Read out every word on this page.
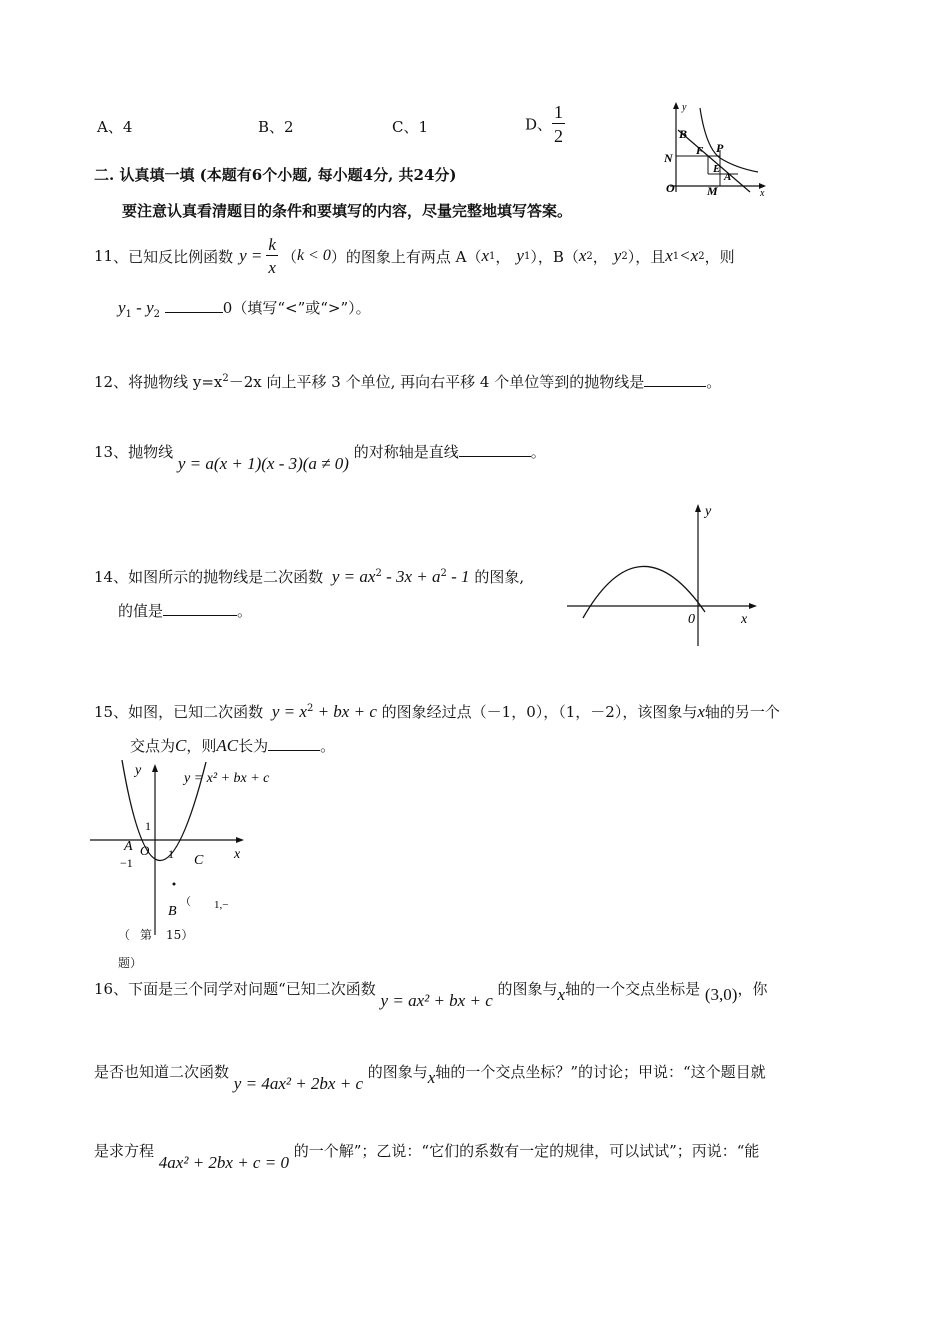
A、4	B、2	C、1	D、 $\frac{1}{2}$	y
x
O
B
N F P
E
A
M
二. 认真填一填 (本题有6个小题, 每小题4分, 共24分)
要注意认真看清题目的条件和要填写的内容，尽量完整地填写答案。
11 、已知反比例函数 $y = \frac{k}{x}$ （ k < 0 ）的图象上有两点 A（ x 1 ， y 1 ），B（ x 2 ， y 2 ），且 x 1 < x 2 ，则
$y_1 - y_2$	0（填写“<”或“>”）。
12、将抛物线 $y=x^2-2x$ 向上平移 3 个单位, 再向右平移 4 个单位等到的抛物线是	。
13、抛物线 y = a(x + 1)(x - 3)(a ≠ 0) 的对称轴是直线	。
y
x
0
14、如图所示的抛物线是二次函数 $y = ax^2 - 3x + a^2 - 1$ 的图象,
的值是	。
15、如图，已知二次函数 $y = x^2$ + bx + c 的图象经过点（－1，0），（1，－2），该图象与x轴的另一个
交点为C，则AC长为	。
y
x
y = x² + bx + c
1
1
A O
−1	C
B
（ 1,−
（ 第 15）
题）
16、下面是三个同学对问题“已知二次函数 y = ax² + bx + c 的图象与x轴的一个交点坐标是 (3,0)，你
是否也知道二次函数 y = 4ax² + 2bx + c 的图象与x轴的一个交点坐标？”的讨论；甲说：“这个题目就
是求方程 4ax² + 2bx + c = 0 的一个解”；乙说：“它们的系数有一定的规律，可以试试”；丙说：“能
